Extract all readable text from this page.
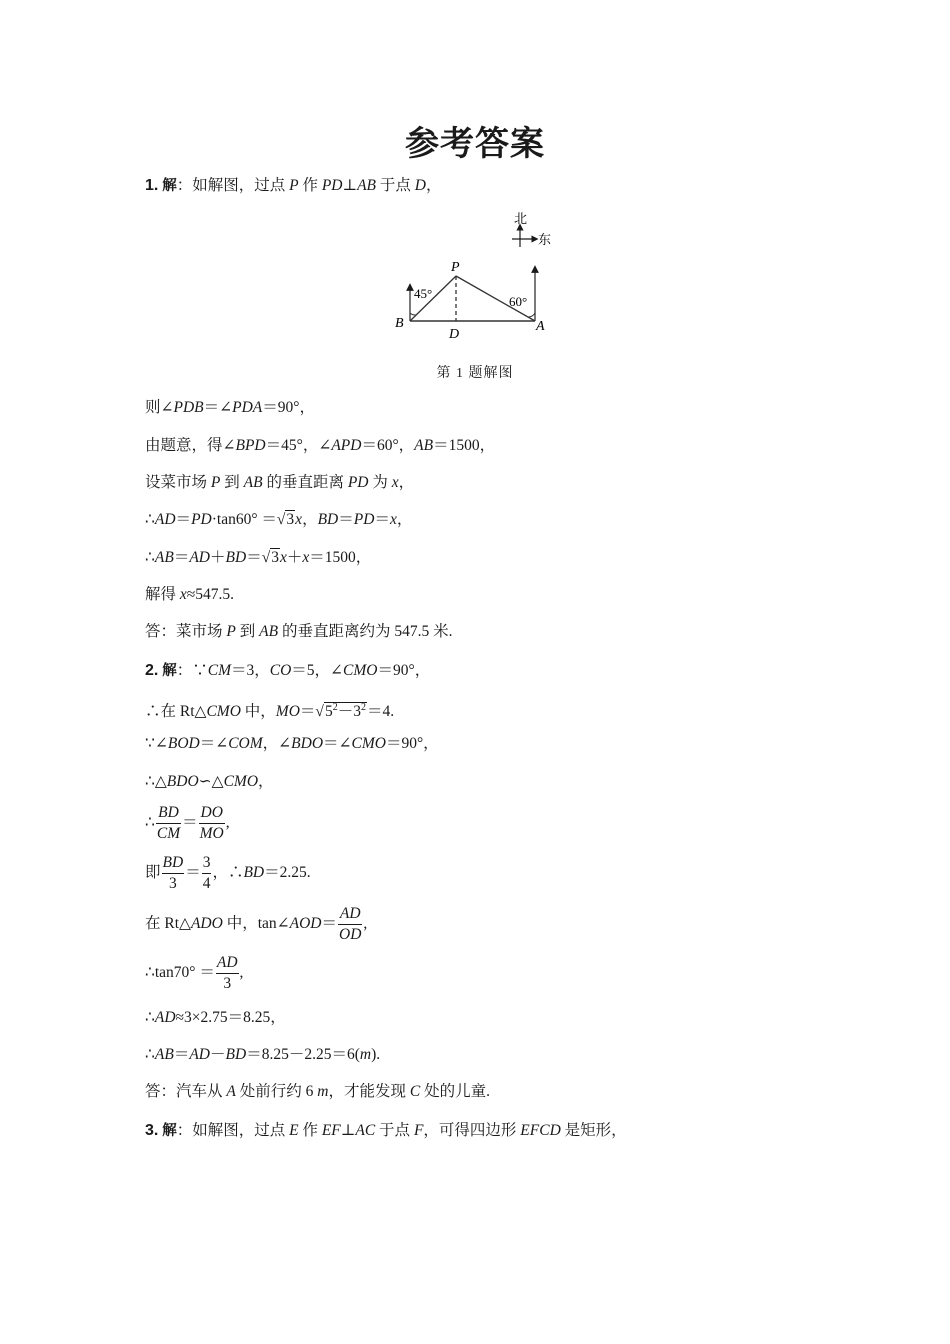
参考答案
1. 解：如解图，过点 P 作 PD⊥AB 于点 D，
北
东
P
B
D
A
45°
60°
第 1 题解图
则∠PDB＝∠PDA＝90°，
由题意，得∠BPD＝45°，∠APD＝60°，AB＝1500，
设菜市场 P 到 AB 的垂直距离 PD 为 x，
∴AD＝PD·tan60° ＝√3x，BD＝PD＝x，
∴AB＝AD＋BD＝√3x＋x＝1500，
解得 x≈547.5.
答：菜市场 P 到 AB 的垂直距离约为 547.5 米.
2. 解：∵CM＝3，CO＝5，∠CMO＝90°，
∴在 Rt△CMO 中，$MO=√5^2-3^2=4$.
∵∠BOD＝∠COM，∠BDO＝∠CMO＝90°，
∴△BDO∽△CMO，
∴ $\frac{BD}{CM} = \frac{DO}{MO}$ ,
即 $\frac{BD}{3} = \frac{3}{4}$ ，∴BD＝2.25.
在 Rt△ADO 中，tan∠AOD＝ $\frac{AD}{OD}$ ,
∴tan70° ＝ $\frac{AD}{3}$ ,
∴AD≈3×2.75＝8.25，
∴AB＝AD－BD＝8.25－2.25＝6(m).
答：汽车从 A 处前行约 6 m，才能发现 C 处的儿童.
3. 解：如解图，过点 E 作 EF⊥AC 于点 F，可得四边形 EFCD 是矩形，
